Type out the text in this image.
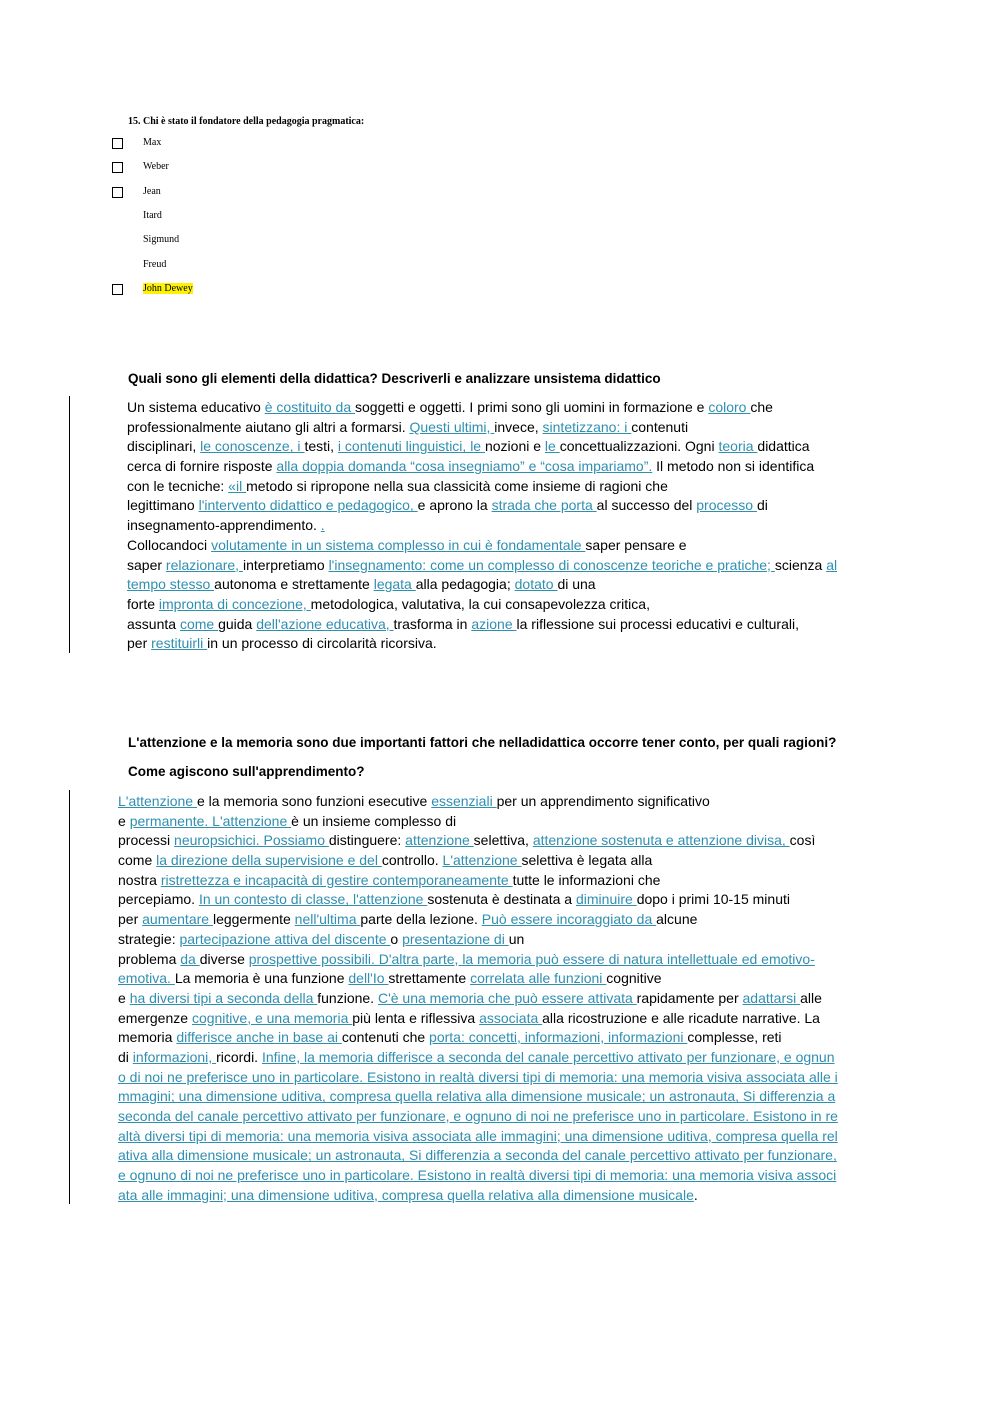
15. Chi è stato il fondatore della pedagogia pragmatica:
Max
Weber
Jean
Itard
Sigmund
Freud
John Dewey
Quali sono gli elementi della didattica? Descriverli e analizzare unsistema didattico
Un sistema educativo è costituito da soggetti e oggetti. I primi sono gli uomini in formazione e coloro che
professionalmente aiutano gli altri a formarsi. Questi ultimi, invece, sintetizzano: i contenuti
disciplinari, le conoscenze, i testi, i contenuti linguistici, le nozioni e le concettualizzazioni. Ogni teoria didattica
cerca di fornire risposte alla doppia domanda “cosa insegniamo” e “cosa impariamo”. Il metodo non si identifica
con le tecniche: «il metodo si ripropone nella sua classicità come insieme di ragioni che
legittimano l'intervento didattico e pedagogico, e aprono la strada che porta al successo del processo di
insegnamento-apprendimento. .
Collocandoci volutamente in un sistema complesso in cui è fondamentale saper pensare e
saper relazionare, interpretiamo l'insegnamento: come un complesso di conoscenze teoriche e pratiche; scienza al
tempo stesso autonoma e strettamente legata alla pedagogia; dotato di una
forte impronta di concezione, metodologica, valutativa, la cui consapevolezza critica,
assunta come guida dell'azione educativa, trasforma in azione la riflessione sui processi educativi e culturali,
per restituirli in un processo di circolarità ricorsiva.
L'attenzione e la memoria sono due importanti fattori che nelladidattica occorre tener conto, per quali ragioni?
Come agiscono sull'apprendimento?
L'attenzione e la memoria sono funzioni esecutive essenziali per un apprendimento significativo
e permanente. L'attenzione è un insieme complesso di
processi neuropsichici. Possiamo distinguere: attenzione selettiva, attenzione sostenuta e attenzione divisa, così
come la direzione della supervisione e del controllo. L'attenzione selettiva è legata alla
nostra ristrettezza e incapacità di gestire contemporaneamente tutte le informazioni che
percepiamo. In un contesto di classe, l'attenzione sostenuta è destinata a diminuire dopo i primi 10-15 minuti
per aumentare leggermente nell'ultima parte della lezione. Può essere incoraggiato da alcune
strategie: partecipazione attiva del discente o presentazione di un
problema da diverse prospettive possibili. D'altra parte, la memoria può essere di natura intellettuale ed emotivo-
emotiva. La memoria è una funzione dell'Io strettamente correlata alle funzioni cognitive
e ha diversi tipi a seconda della funzione. C'è una memoria che può essere attivata rapidamente per adattarsi alle
emergenze cognitive, e una memoria più lenta e riflessiva associata alla ricostruzione e alle ricadute narrative. La
memoria differisce anche in base ai contenuti che porta: concetti, informazioni, informazioni complesse, reti
di informazioni, ricordi. Infine, la memoria differisce a seconda del canale percettivo attivato per funzionare, e ognun
o di noi ne preferisce uno in particolare. Esistono in realtà diversi tipi di memoria: una memoria visiva associata alle i
mmagini; una dimensione uditiva, compresa quella relativa alla dimensione musicale; un astronauta, Si differenzia a
seconda del canale percettivo attivato per funzionare, e ognuno di noi ne preferisce uno in particolare. Esistono in re
altà diversi tipi di memoria: una memoria visiva associata alle immagini; una dimensione uditiva, compresa quella rel
ativa alla dimensione musicale; un astronauta, Si differenzia a seconda del canale percettivo attivato per funzionare,
e ognuno di noi ne preferisce uno in particolare. Esistono in realtà diversi tipi di memoria: una memoria visiva associ
ata alle immagini; una dimensione uditiva, compresa quella relativa alla dimensione musicale.
